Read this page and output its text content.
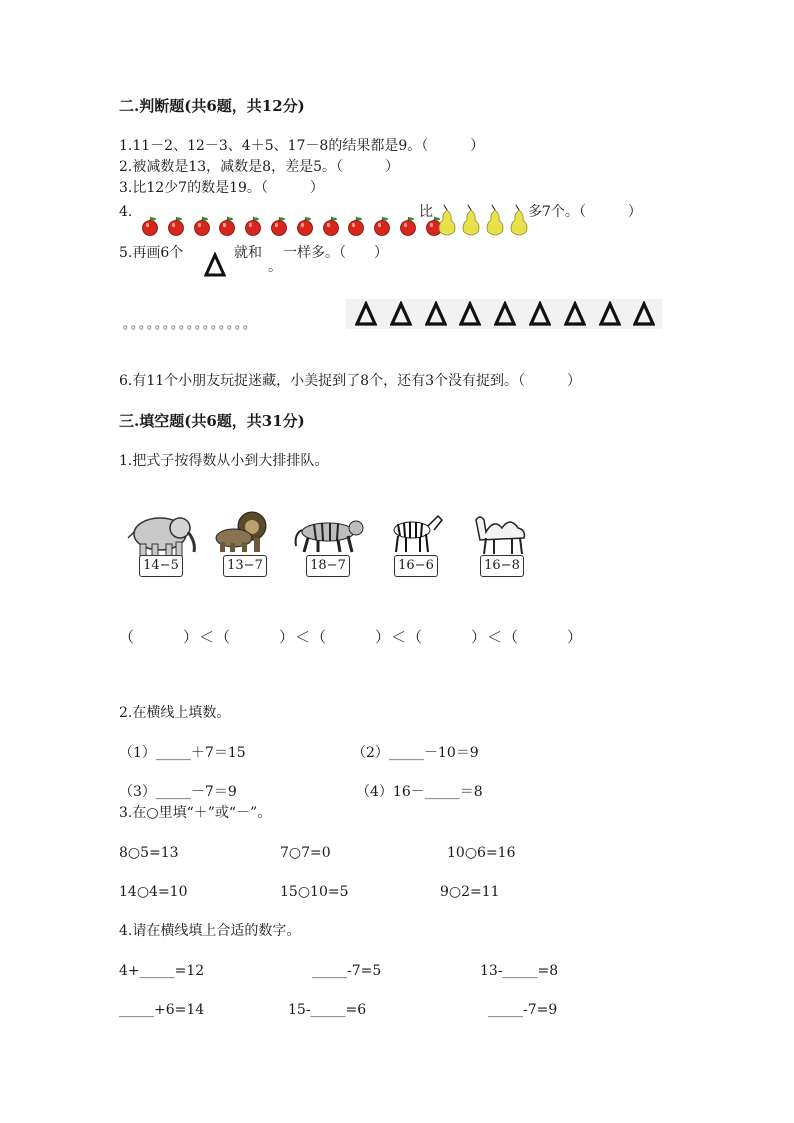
二.判断题(共6题，共12分)
1.11－2、12－3、4＋5、17－8的结果都是9。（　　　）
2.被减数是13，减数是8，差是5。（　　　）
3.比12少7的数是19。（　　　）
4.	比	多7个。（　　　）
5.再画6个	就和
。
一样多。（　　）
。。。。。。。。。。。。。。。。
6.有11个小朋友玩捉迷藏，小美捉到了8个，还有3个没有捉到。（　　　）
三.填空题(共6题，共31分)
1.把式子按得数从小到大排排队。
14−5	13−7	18−7	16−6	16−8
（　　　）＜（　　　）＜（　　　）＜（　　　）＜（　　　）
2.在横线上填数。
（1）_____＋7＝15	（2）_____－10＝9
（3）_____－7＝9	（4）16－_____＝8
3.在○里填“＋”或“－”。
8○5=13	7○7=0	10○6=16
14○4=10	15○10=5	9○2=11
4.请在横线填上合适的数字。
4+_____=12	_____-7=5	13-_____=8
_____+6=14	15-_____=6	_____-7=9
